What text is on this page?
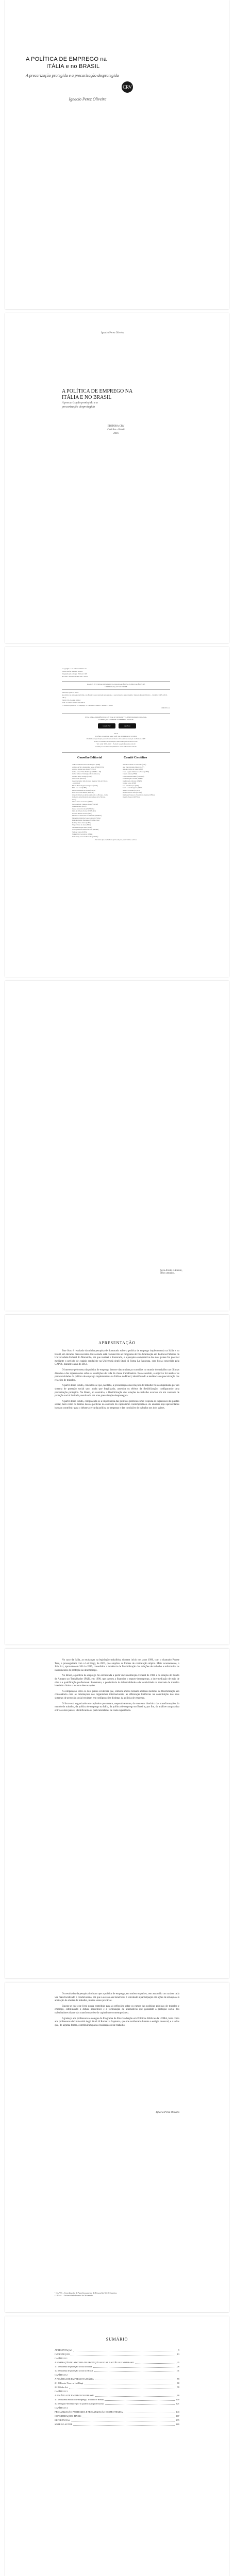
A POLÍTICA DE EMPREGO na
ITÁLIA e no BRASIL
A precarização protegida e a precarização desprotegida
CRV
Ignacio Perez Oliveira
Ignacio Perez Oliveira
A POLÍTICA DE EMPREGO NA
ITÁLIA E NO BRASIL
A precarização protegida e a
precarização desprotegida
EDITORA CRV
Curitiba – Brasil
2016
Copyright © da Editora CRV Ltda.
Editor-chefe: Railson Moura
Diagramação e Capa: Editora CRV
Revisão: Analista de Escrita e Artes
DADOS INTERNACIONAIS DE CATALOGAÇÃO NA PUBLICAÇÃO (CIP)
CATALOGAÇÃO NA FONTE
Oliveira, Ignacio Perez
A política de emprego na Itália e no Brasil: a precarização protegida e a precarização desprotegida / Ignacio Perez Oliveira – Curitiba: CRV, 2016. 190 p.
ISBN 978-85-444-1090-0
DOI 10.24824/978854441090.0
1. Políticas públicas 2. Emprego 3. Trabalho 4. Itália 5. Brasil I. Título
CDD 331.12
ESTA OBRA TAMBÉM ENCONTRA-SE DISPONÍVEL EM FORMATO DIGITAL.
CONHEÇA E COMPRE TAMBÉM O E-BOOK
Google Play	App Store
2016
Foi feito o depósito legal conf. Lei 10.994 de 14/12/2004
Proibida a reprodução parcial ou total desta obra sem autorização da Editora CRV
Todos os direitos desta edição reservados pela: Editora CRV
Tel.: (41) 3039-6418 - E-mail: sac@editoracrv.com.br
Conheça os nossos lançamentos: www.editoracrv.com.br
Conselho Editorial	Comitê Científico
Aldira Guimarães Duarte Domínguez (UNB)
Andréia da Silva Quintanilha Sousa (UNIR/UFRN)
Antônio Pereira Gaio Júnior (UFRRJ)
Carlos Alberto Vilar Estêvão (UMINHO – PT)
Carlos Federico Dominguez Avila (Unieuro)
Carmen Tereza Velanga (UNIR)
Celso Conti (UFSCar)
Cesar Gerónimo Tello (Univer. Nacional Três de Febrero – Argentina)
Elione Maria Nogueira Diogenes (UFAL)
Élsio José Corá (UFFS)
Elizeu Clementino de Souza (UNEB)
Francisco Carlos Duarte (PUC-PR)
Gloria Fariñas León (Universidade de La Havana – Cuba)
Guillermo Arias Beatón (Universidade de La Havana – Cuba)
Jailson Alves dos Santos (UFRJ)
João Adalberto Campato Junior (UNESP)
Josania Portela (UFPI)
Leonel Severo Rocha (UNISINOS)
Lídia de Oliveira Xavier (UNIEURO)
Lourdes Helena da Silva (UFV)
Maria de Lourdes Pinto de Almeida (UNOESC)
Maria Lília Imbiriba Sousa Colares (UFOPA)
Paulo Romualdo Hernandes (UNIFAL-MG)
Rodrigo Pratte-Santos (UFES)
Sérgio Nunes de Jesus (IFRO)
Simone Rodrigues Pinto (UNB)
Solange Helena Ximenes-Rocha (UFOPA)
Sydione Santos (UEPG)
Tadeu Oliver Gonçalves (UFPA)
Tania Suely Azevedo Brasileiro (UFOPA)
Alba Maria Pinho de Carvalho (UFC)
Ana Paula Ornellas Mauriel (UFF)
Antonio Carlos de Sousa (UFPI)
Cezar Augusto Medeiros de Souza (UFPI)
Claudia Mazza (UFRJ)
Eliana Teixeira Bilhão (UNITINS)
Fátima Regina Cividini (UFPR)
Iris Maria de Oliveira (UFRN)
Janaína Lopes (UNB)
José Elias Marques (UFF)
Maria Lúcia Duriguetto (UFJF)
Neusa Cavalcante (UFSCar)
Ozanira Silva e Silva (UFMA)
Raimunda Nonata do Nascimento Santana (UFMA)
Rogério Trespach (UFRGS)
Este livro foi avaliado e aprovado por pareceristas ad hoc.
Para Ariela e Ramón,
filhos amados.
APRESENTAÇÃO

Este livro é resultado da minha pesquisa de doutorado sobre a política de emprego implementada na Itália e no Brasil, em décadas mais recentes. Este estudo está circunscrito ao Programa de Pós-Graduação em Políticas Públicas da Universidade Federal do Maranhão, em que realizei o doutorado, e a pesquisa comparativa dos dois países foi possível mediante o período de estágio sanduíche na Università degli Studi di Roma La Sapienza, com bolsa concedida pela CAPES, durante o ano de 2012.

O interesse pelo tema da política de emprego decorre das mudanças ocorridas no mundo do trabalho nas últimas décadas e das repercussões sobre as condições de vida da classe trabalhadora. Nesse sentido, o objetivo foi analisar as particularidades da política de emprego implementada na Itália e no Brasil, identificando a tendência de precarização das relações de trabalho.

A partir desse estudo, constatou-se que, na Itália, a precarização das relações de trabalho foi acompanhada por um sistema de proteção social que, ainda que fragilizado, ameniza os efeitos da flexibilização, configurando uma precarização protegida. No Brasil, ao contrário, a flexibilização das relações de trabalho ocorreu em um contexto de proteção social limitada, resultando em uma precarização desprotegida.

A partir desse estudo, compreende-se a importância das políticas públicas como resposta às expressões da questão social, bem como os limites dessas políticas no contexto do capitalismo contemporâneo. As análises aqui apresentadas buscam contribuir para o debate acerca da política de emprego e das condições de trabalho nos dois países.

No caso da Itália, as mudanças na legislação trabalhista tiveram início nos anos 1990, com o chamado Pacote Treu, e prosseguiram com a Lei Biagi, de 2003, que ampliou as formas de contratação atípica. Mais recentemente, o Jobs Act, aprovado em 2014 e 2015, consolidou a tendência de flexibilização das relações de trabalho e reformulou os instrumentos de proteção ao desemprego.

No Brasil, a política de emprego foi estruturada a partir da Constituição Federal de 1988 e da criação do Fundo de Amparo ao Trabalhador (FAT), em 1990, que passou a financiar o seguro-desemprego, a intermediação de mão de obra e a qualificação profissional. Entretanto, a persistência da informalidade e da rotatividade no mercado de trabalho brasileiro limita o alcance dessas ações.

A comparação entre os dois países evidencia que, embora ambos tenham adotado medidas de flexibilização em consonância com as orientações dos organismos internacionais, as diferenças históricas na constituição dos seus sistemas de proteção social resultam em configurações distintas da política de emprego.

O livro está organizado em capítulos que tratam, respectivamente, do contexto histórico das transformações do mundo do trabalho, da política de emprego na Itália, da política de emprego no Brasil e, por fim, da análise comparativa entre os dois países, identificando as particularidades de cada experiência.

Os resultados da pesquisa indicam que a política de emprego, em ambos os países, tem assumido um caráter cada vez mais focalizado e condicionado, em que o acesso aos benefícios é vinculado à participação em ações de ativação e à aceitação de ofertas de trabalho, muitas vezes precárias.

Espera-se que este livro possa contribuir para as reflexões sobre os rumos das políticas públicas de trabalho e emprego, estimulando o debate acadêmico e a formulação de alternativas que garantam a proteção social dos trabalhadores diante das transformações do capitalismo contemporâneo.

Agradeço aos professores e colegas do Programa de Pós-Graduação em Políticas Públicas da UFMA, bem como aos professores da Università degli Studi di Roma La Sapienza, que me acolheram durante o estágio doutoral, e a todos que, de alguma forma, contribuíram para a realização deste trabalho.

Ignacio Perez Oliveira
¹ CAPES – Coordenação de Aperfeiçoamento de Pessoal de Nível Superior.
² UFMA – Universidade Federal do Maranhão.
SUMÁRIO
APRESENTAÇÃO	9
INTRODUÇÃO	13
CAPÍTULO 1
A FORMAÇÃO DO SISTEMA DE PROTEÇÃO SOCIAL NA ITÁLIA E NO BRASIL	25
1.1 O sistema de proteção social na Itália	26
1.2 O sistema de proteção social no Brasil	41
CAPÍTULO 2
A POLÍTICA DE EMPREGO NA ITÁLIA	59
2.1 O Pacote Treu e a Lei Biagi	60
2.2 O Jobs Act	78
CAPÍTULO 3
A POLÍTICA DE EMPREGO NO BRASIL	99
3.1 O Sistema Público de Emprego, Trabalho e Renda	100
3.2 O seguro-desemprego e a qualificação profissional	121
CAPÍTULO 4
PRECARIZAÇÃO PROTEGIDA E PRECARIZAÇÃO DESPROTEGIDA	143
CONSIDERAÇÕES FINAIS	167
REFERÊNCIAS	175
SOBRE O AUTOR	189
